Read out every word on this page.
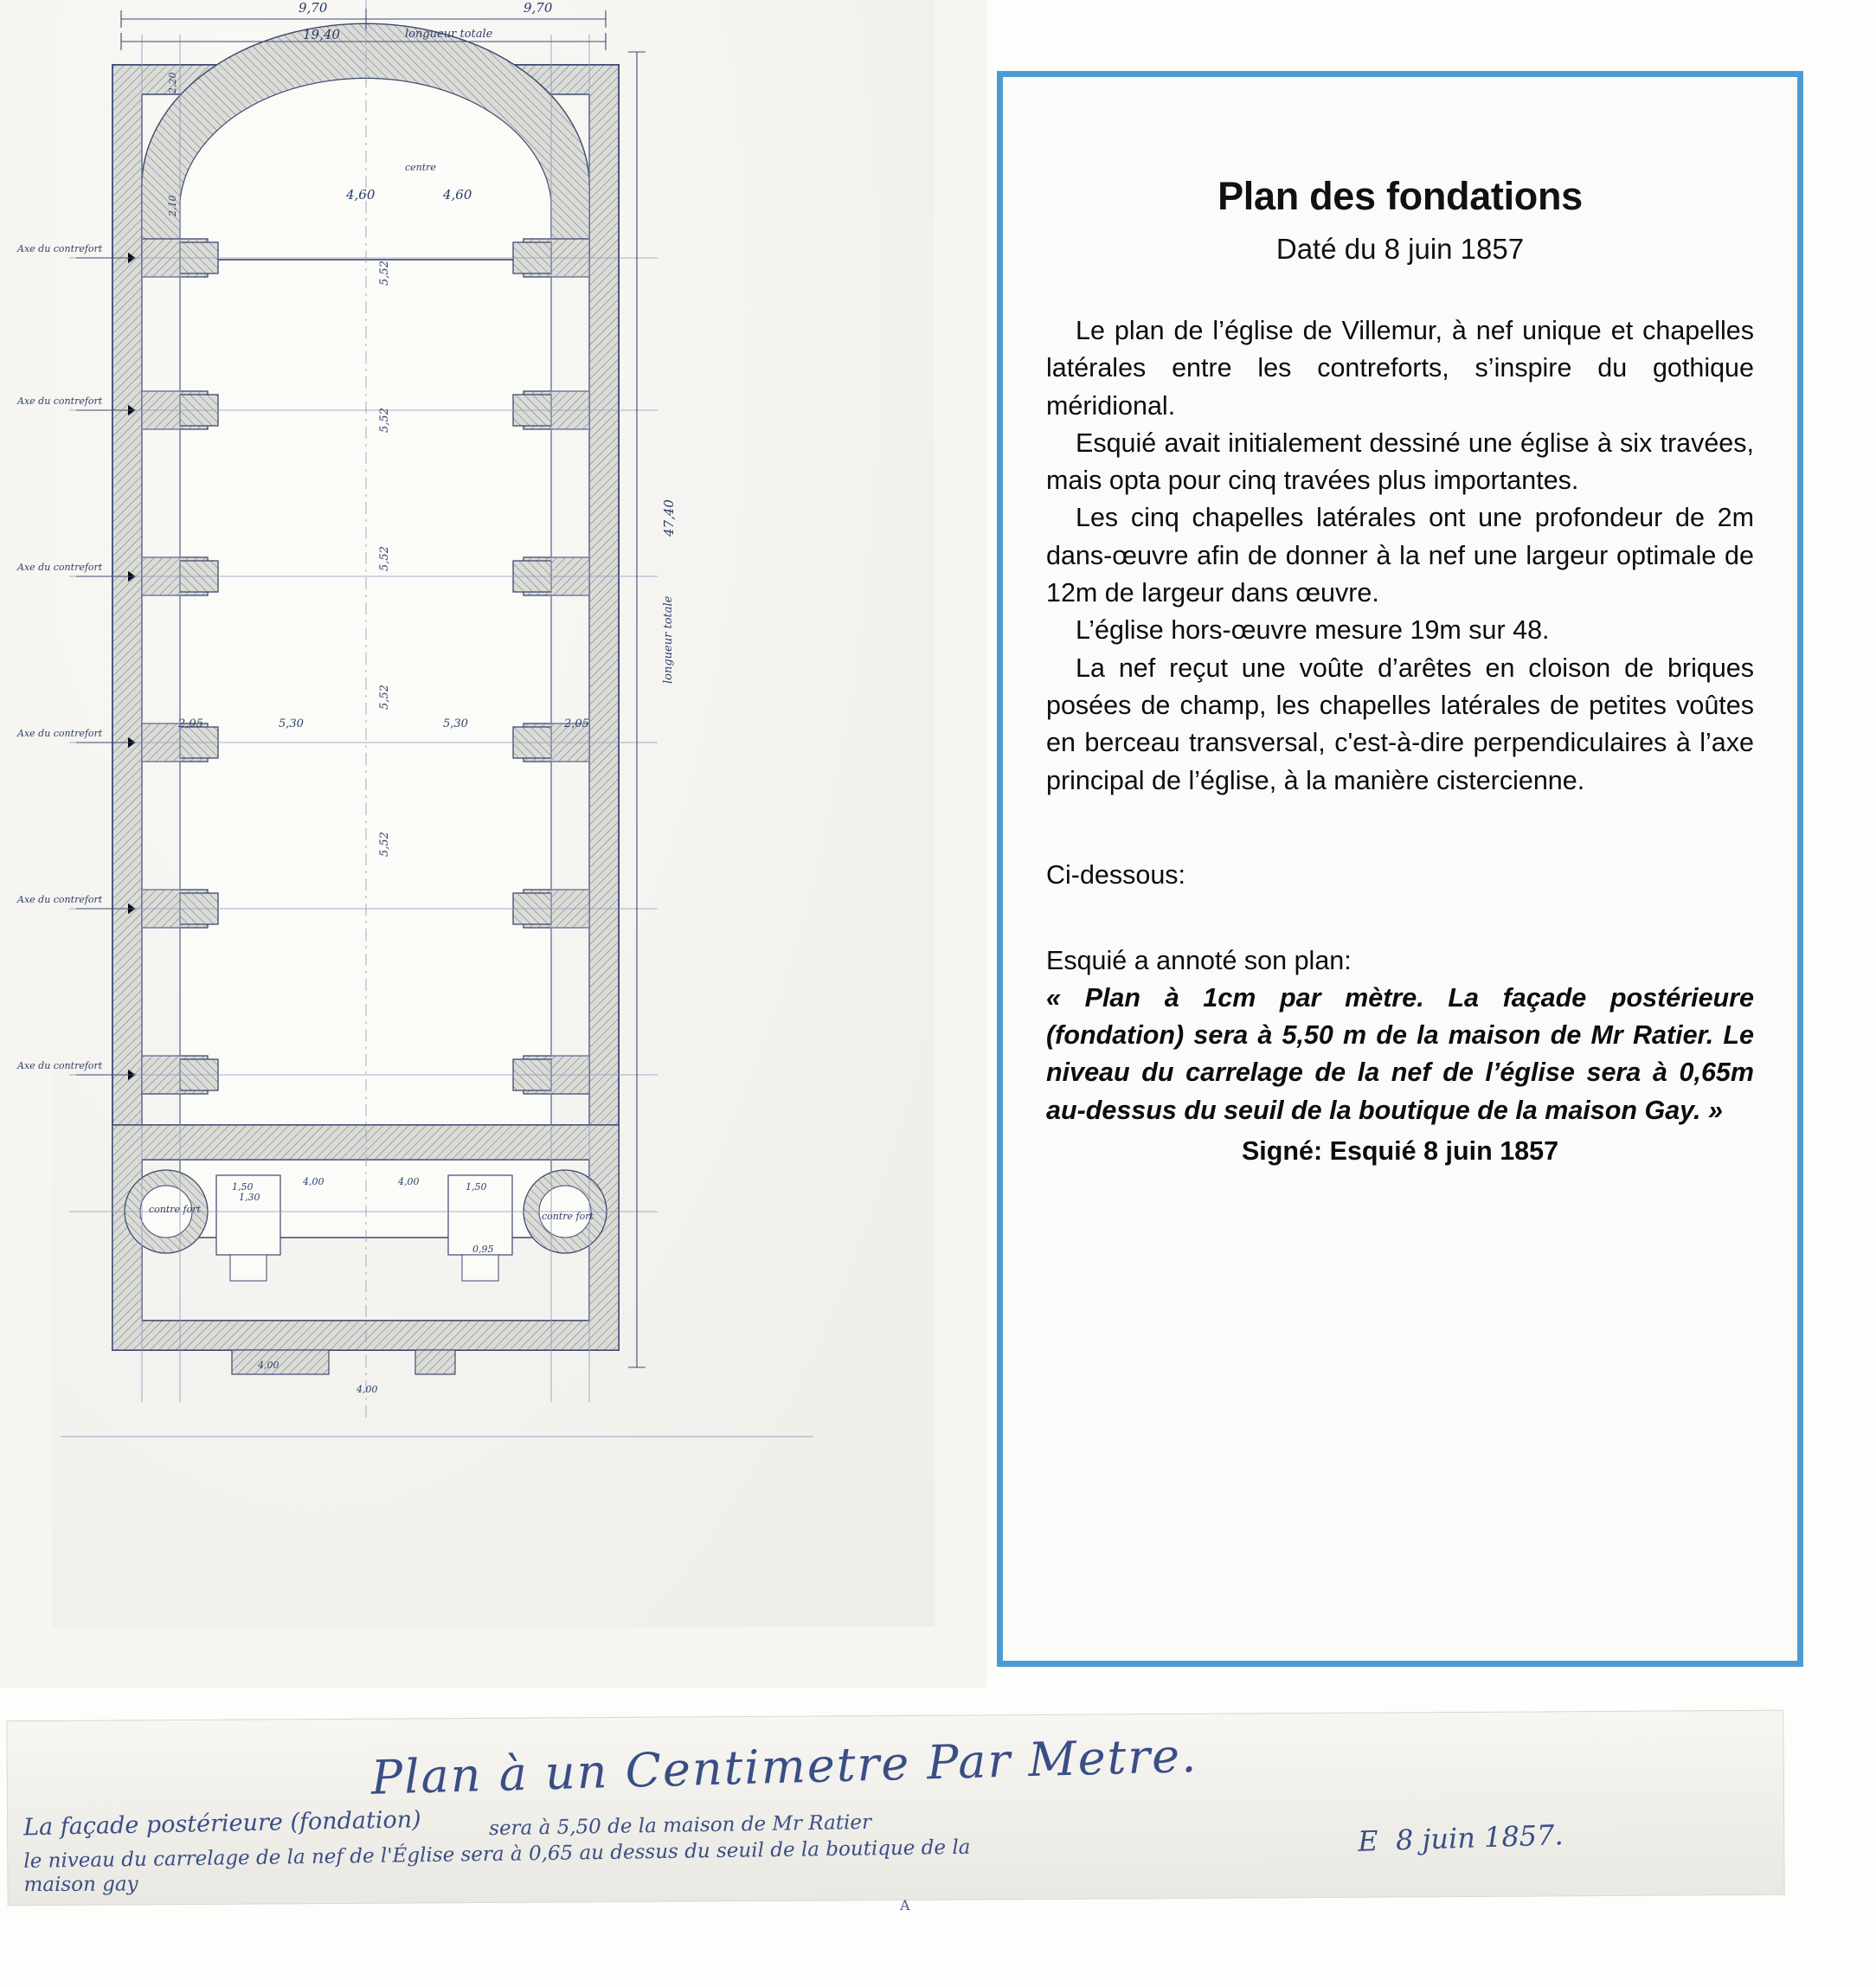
9,70	9,70
19,40	longueur totale
47,40
longueur totale
4,60	4,60
centre
5,52
5,52
5,52
5,52
5,52
2,05	5,30	5,30	2,05
1,50	1,50
4,00	4,00
4,00
4,00
2,20
2,10
1,30
0,95
Axe du contrefort
Axe du contrefort
Axe du contrefort
Axe du contrefort
Axe du contrefort
Axe du contrefort
contre fort
contre fort
Plan des fondations
Daté du 8 juin 1857

Le plan de l’église de Villemur, à nef unique et chapelles latérales entre les contreforts, s’inspire du gothique méridional.

Esquié avait initialement dessiné une église à six travées, mais opta pour cinq travées plus importantes.

Les cinq chapelles latérales ont une profondeur de 2m dans-œuvre afin de donner à la nef une largeur optimale de 12m de largeur dans œuvre.

L’église hors-œuvre mesure 19m sur 48.

La nef reçut une voûte d’arêtes en cloison de briques posées de champ, les chapelles latérales de petites voûtes en berceau transversal, c'est-à-dire perpendiculaires à l’axe principal de l’église, à la manière cistercienne.

Ci-dessous:
Esquié a annoté son plan:
« Plan à 1cm par mètre. La façade postérieure (fondation) sera à 5,50 m de la maison de Mr Ratier. Le niveau du carrelage de la nef de l’église sera à 0,65m au-dessus du seuil de la boutique de la maison Gay. »
Signé: Esquié 8 juin 1857
Plan à un Centimetre Par Metre.
La façade postérieure (fondation)	sera à 5,50 de la maison de Mr Ratier
le niveau du carrelage de la nef de l'Église sera à 0,65 au dessus du seuil de la boutique de la
maison gay
E  8 juin 1857.
A
